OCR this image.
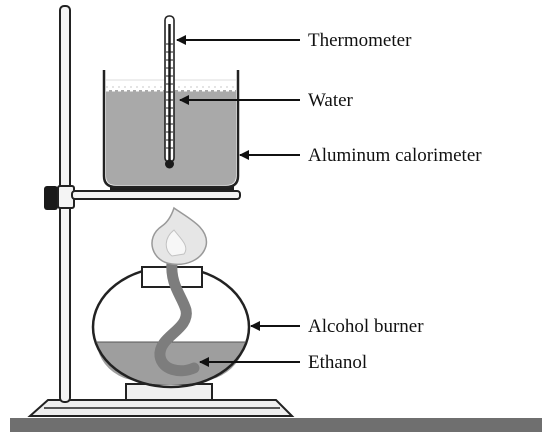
Thermometer
Water
Aluminum calorimeter
Alcohol burner
Ethanol
